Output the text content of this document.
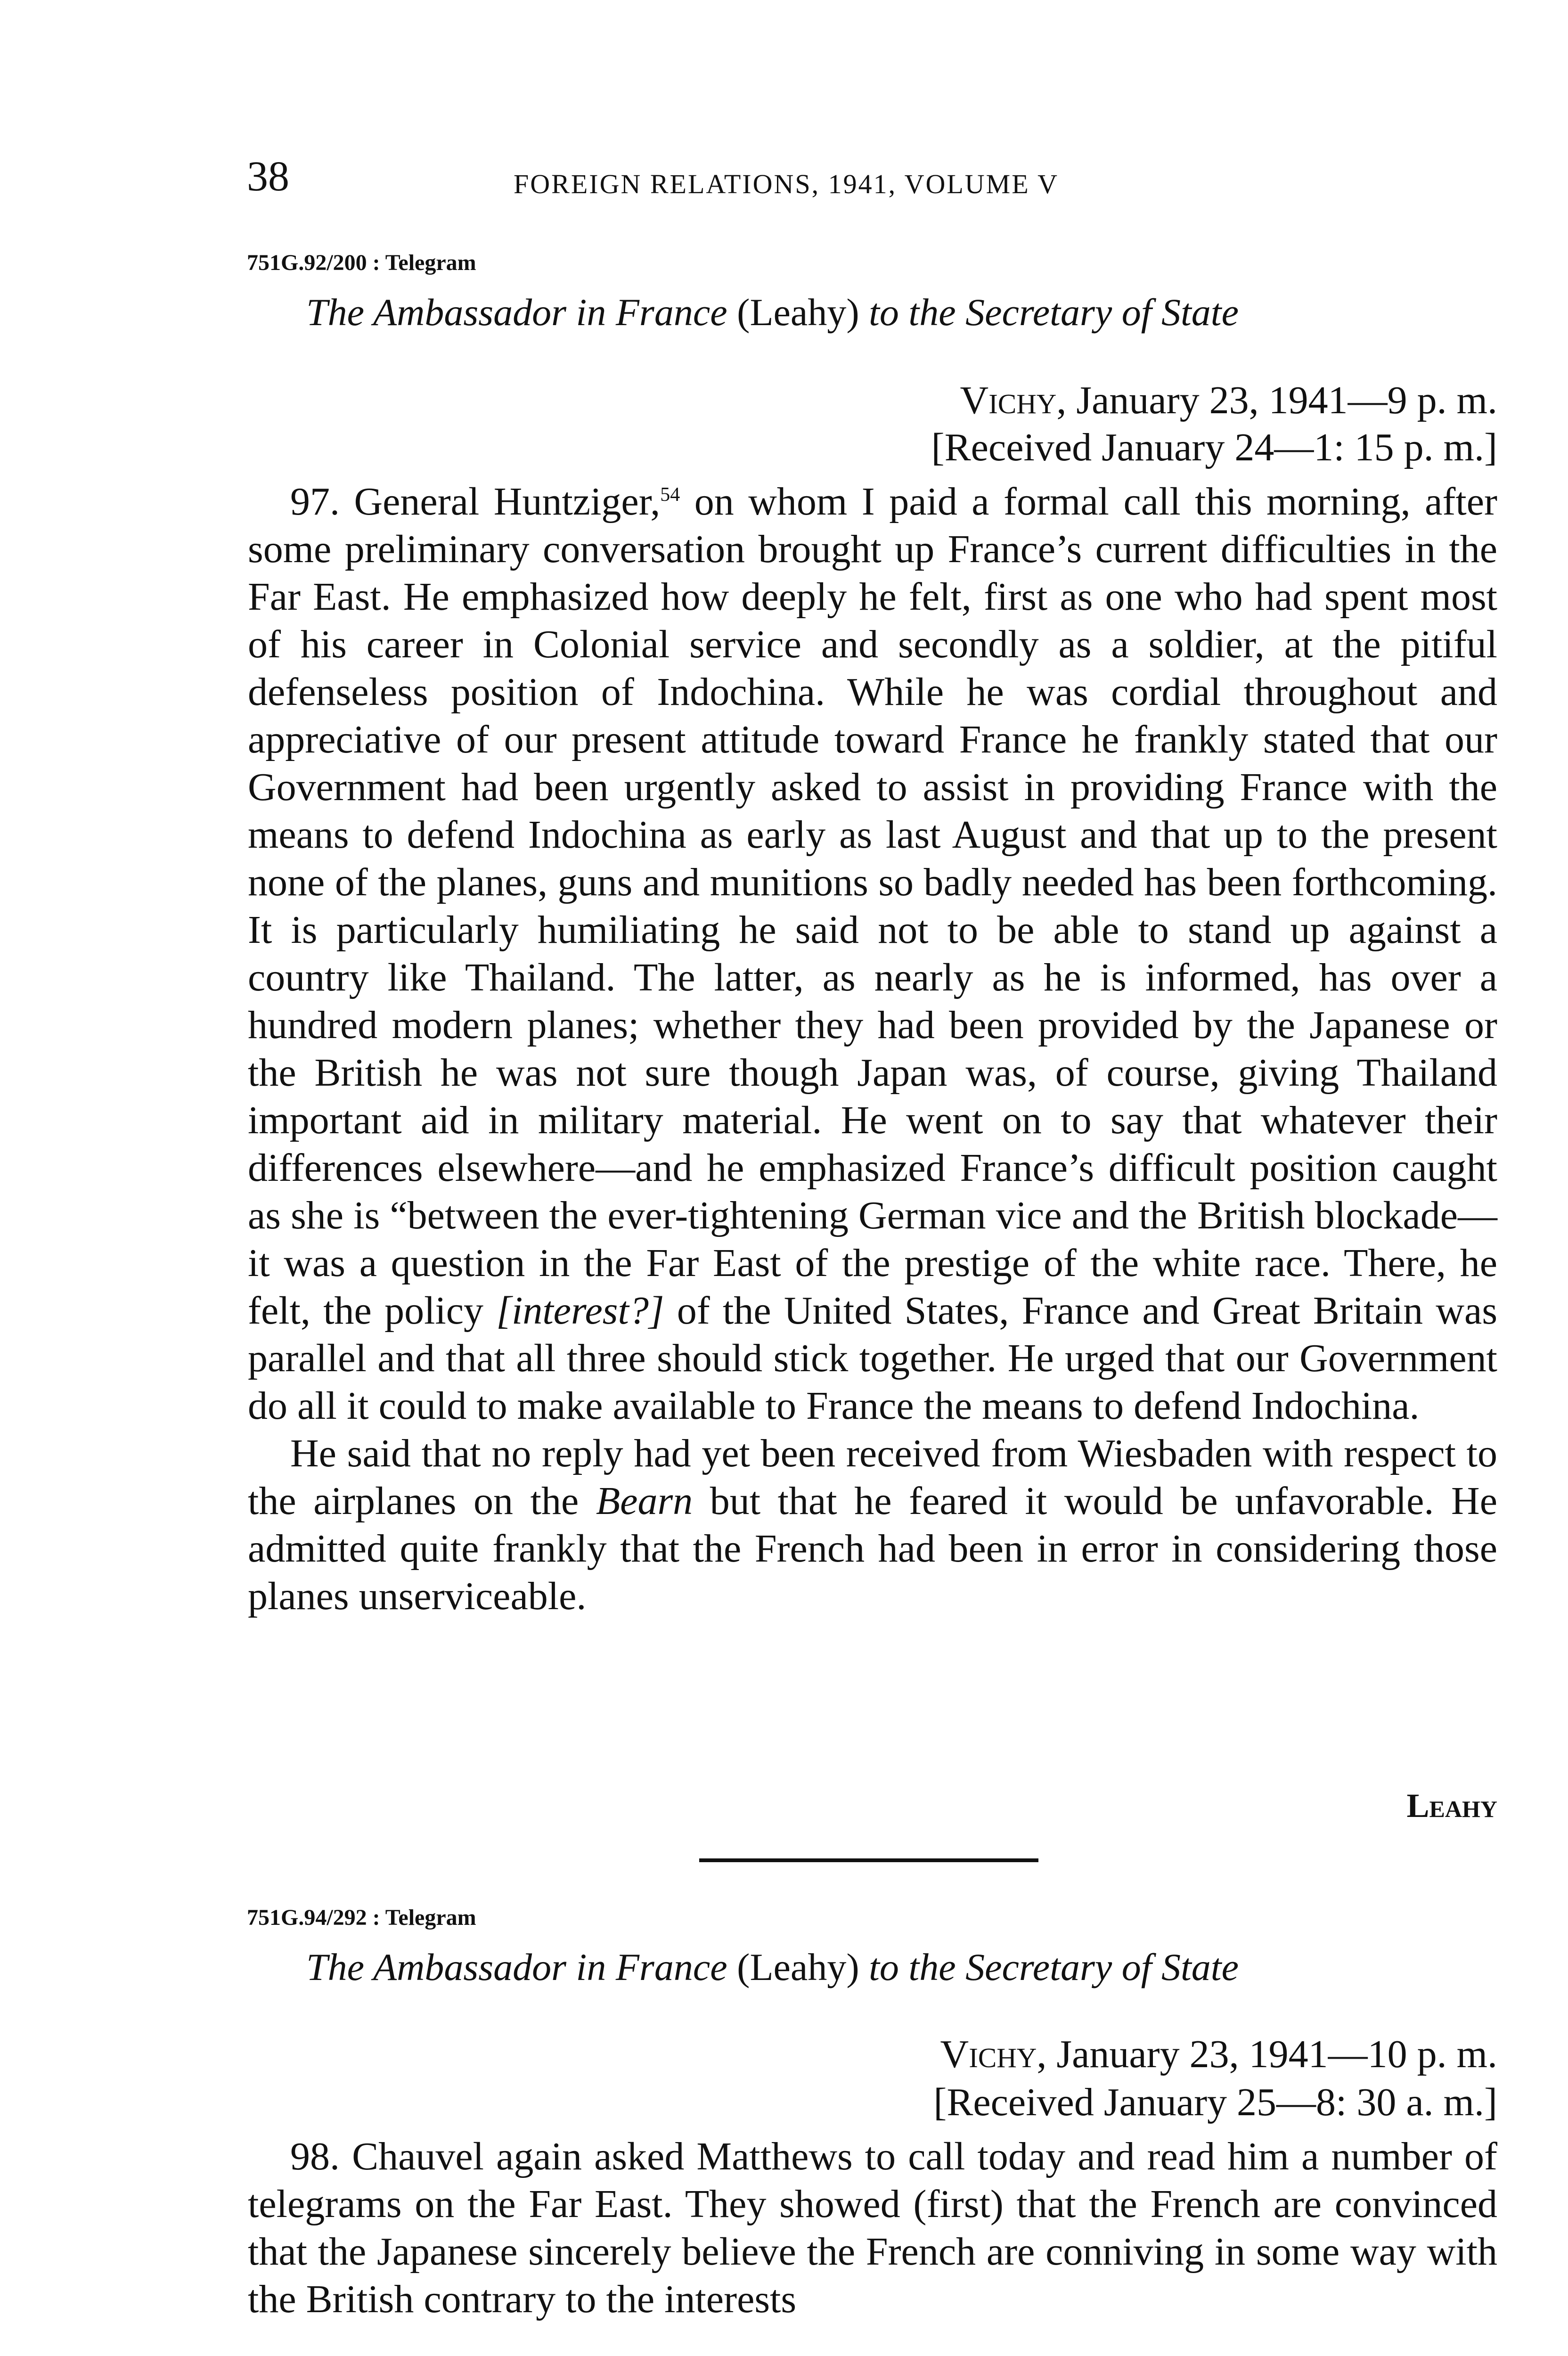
38	FOREIGN RELATIONS, 1941, VOLUME V
751G.92/200 : Telegram
The Ambassador in France (Leahy) to the Secretary of State
Vichy, January 23, 1941—9 p. m.
[Received January 24—1: 15 p. m.]

97. General Huntziger,$^{54}$ on whom I paid a formal call this morning, after some preliminary conversation brought up France’s current difficulties in the Far East. He emphasized how deeply he felt, first as one who had spent most of his career in Colonial service and secondly as a soldier, at the pitiful defenseless position of Indochina. While he was cordial throughout and appreciative of our present attitude toward France he frankly stated that our Government had been urgently asked to assist in providing France with the means to defend Indochina as early as last August and that up to the present none of the planes, guns and munitions so badly needed has been forthcoming. It is particularly humiliating he said not to be able to stand up against a country like Thailand. The latter, as nearly as he is informed, has over a hundred modern planes; whether they had been provided by the Japanese or the British he was not sure though Japan was, of course, giving Thailand important aid in military material. He went on to say that whatever their differences elsewhere—and he emphasized France’s difficult position caught as she is “between the ever-tightening German vice and the British blockade—it was a question in the Far East of the prestige of the white race. There, he felt, the policy [interest?] of the United States, France and Great Britain was parallel and that all three should stick together. He urged that our Government do all it could to make available to France the means to defend Indochina.

He said that no reply had yet been received from Wiesbaden with respect to the airplanes on the Bearn but that he feared it would be unfavorable. He admitted quite frankly that the French had been in error in considering those planes unserviceable.

Leahy
751G.94/292 : Telegram
The Ambassador in France (Leahy) to the Secretary of State
Vichy, January 23, 1941—10 p. m.
[Received January 25—8: 30 a. m.]

98. Chauvel again asked Matthews to call today and read him a number of telegrams on the Far East. They showed (first) that the French are convinced that the Japanese sincerely believe the French are conniving in some way with the British contrary to the interests
